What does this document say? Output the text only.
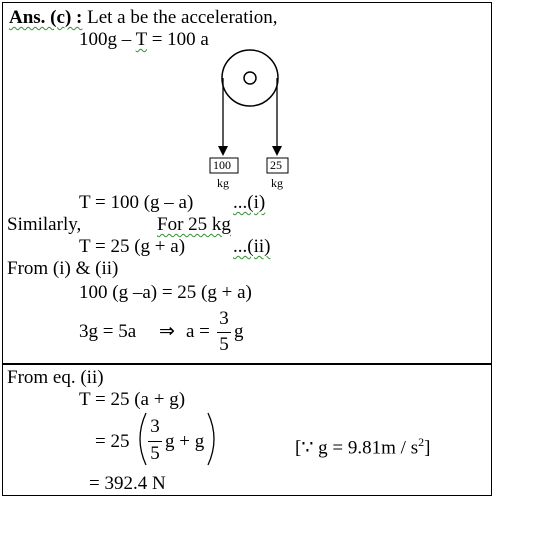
Ans. (c) : Let a be the acceleration,
100g – T = 100 a
100	25
kg	kg
T = 100 (g – a) ...(i)
Similarly,	For 25 kg
T = 25 (g + a)	...(ii)
From (i) & (ii)
100 (g –a) = 25 (g + a)
3g = 5a ⇒ a =
3
5
g
From eq. (ii)
T = 25 (a + g)
= 25
3
5
g + g	[∵ $g = 9.81m / s^2$]
= 392.4 N
